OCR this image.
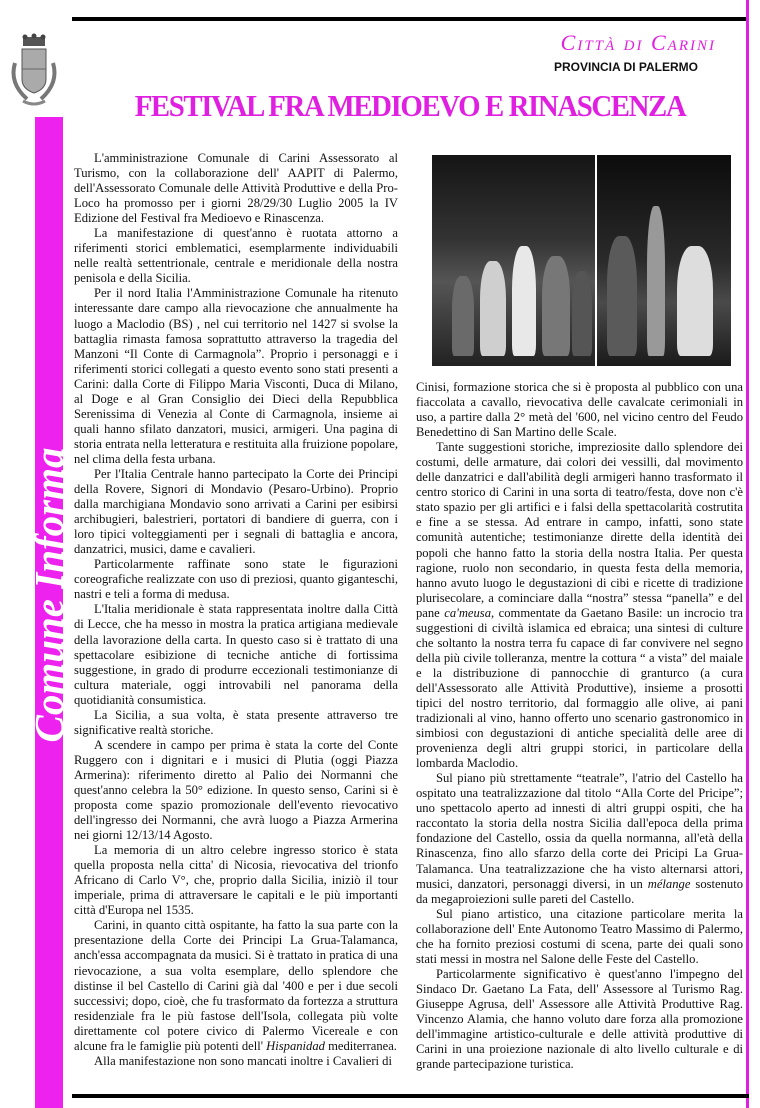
Comune Informa
Città di Carini
PROVINCIA DI PALERMO
FESTIVAL FRA MEDIOEVO E RINASCENZA

L'amministrazione Comunale di Carini Assessorato al Turismo, con la collaborazione dell' AAPIT di Palermo, dell'Assessorato Comunale delle Attività Produttive e della Pro-Loco ha promosso per i giorni 28/29/30 Luglio 2005 la IV Edizione del Festival fra Medioevo e Rinascenza.

La manifestazione di quest'anno è ruotata attorno a riferimenti storici emblematici, esemplarmente individuabili nelle realtà settentrionale, centrale e meridionale della nostra penisola e della Sicilia.

Per il nord Italia l'Amministrazione Comunale ha ritenuto interessante dare campo alla rievocazione che annualmente ha luogo a Maclodio (BS) , nel cui territorio nel 1427 si svolse la battaglia rimasta famosa soprattutto attraverso la tragedia del Manzoni “Il Conte di Carmagnola”. Proprio i personaggi e i riferimenti storici collegati a questo evento sono stati presenti a Carini: dalla Corte di Filippo Maria Visconti, Duca di Milano, al Doge e al Gran Consiglio dei Dieci della Repubblica Serenissima di Venezia al Conte di Carmagnola, insieme ai quali hanno sfilato danzatori, musici, armigeri. Una pagina di storia entrata nella letteratura e restituita alla fruizione popolare, nel clima della festa urbana.

Per l'Italia Centrale hanno partecipato la Corte dei Principi della Rovere, Signori di Mondavio (Pesaro-Urbino). Proprio dalla marchigiana Mondavio sono arrivati a Carini per esibirsi archibugieri, balestrieri, portatori di bandiere di guerra, con i loro tipici volteggiamenti per i segnali di battaglia e ancora, danzatrici, musici, dame e cavalieri.

Particolarmente raffinate sono state le figurazioni coreografiche realizzate con uso di preziosi, quanto giganteschi, nastri e teli a forma di medusa.

L'Italia meridionale è stata rappresentata inoltre dalla Città di Lecce, che ha messo in mostra la pratica artigiana medievale della lavorazione della carta. In questo caso si è trattato di una spettacolare esibizione di tecniche antiche di fortissima suggestione, in grado di produrre eccezionali testimonianze di cultura materiale, oggi introvabili nel panorama della quotidianità consumistica.

La Sicilia, a sua volta, è stata presente attraverso tre significative realtà storiche.

A scendere in campo per prima è stata la corte del Conte Ruggero con i dignitari e i musici di Plutia (oggi Piazza Armerina): riferimento diretto al Palio dei Normanni che quest'anno celebra la 50° edizione. In questo senso, Carini si è proposta come spazio promozionale dell'evento rievocativo dell'ingresso dei Normanni, che avrà luogo a Piazza Armerina nei giorni 12/13/14 Agosto.

La memoria di un altro celebre ingresso storico è stata quella proposta nella citta' di Nicosia, rievocativa del trionfo Africano di Carlo V°, che, proprio dalla Sicilia, iniziò il tour imperiale, prima di attraversare le capitali e le più importanti città d'Europa nel 1535.

Carini, in quanto città ospitante, ha fatto la sua parte con la presentazione della Corte dei Principi La Grua-Talamanca, anch'essa accompagnata da musici. Si è trattato in pratica di una rievocazione, a sua volta esemplare, dello splendore che distinse il bel Castello di Carini già dal '400 e per i due secoli successivi; dopo, cioè, che fu trasformato da fortezza a struttura residenziale fra le più fastose dell'Isola, collegata più volte direttamente col potere civico di Palermo Vicereale e con alcune fra le famiglie più potenti dell' Hispanidad mediterranea.

Alla manifestazione non sono mancati inoltre i Cavalieri di

Cinisi, formazione storica che si è proposta al pubblico con una fiaccolata a cavallo, rievocativa delle cavalcate cerimoniali in uso, a partire dalla 2° metà del '600, nel vicino centro del Feudo Benedettino di San Martino delle Scale.

Tante suggestioni storiche, impreziosite dallo splendore dei costumi, delle armature, dai colori dei vessilli, dal movimento delle danzatrici e dall'abilità degli armigeri hanno trasformato il centro storico di Carini in una sorta di teatro/festa, dove non c'è stato spazio per gli artifici e i falsi della spettacolarità costrutita e fine a se stessa. Ad entrare in campo, infatti, sono state comunità autentiche; testimonianze dirette della identità dei popoli che hanno fatto la storia della nostra Italia. Per questa ragione, ruolo non secondario, in questa festa della memoria, hanno avuto luogo le degustazioni di cibi e ricette di tradizione plurisecolare, a cominciare dalla “nostra” stessa “panella” e del pane ca'meusa, commentate da Gaetano Basile: un incrocio tra suggestioni di civiltà islamica ed ebraica; una sintesi di culture che soltanto la nostra terra fu capace di far convivere nel segno della più civile tolleranza, mentre la cottura “ a vista” del maiale e la distribuzione di pannocchie di granturco (a cura dell'Assessorato alle Attività Produttive), insieme a prosotti tipici del nostro territorio, dal formaggio alle olive, ai pani tradizionali al vino, hanno offerto uno scenario gastronomico in simbiosi con degustazioni di antiche specialità delle aree di provenienza degli altri gruppi storici, in particolare della lombarda Maclodio.

Sul piano più strettamente “teatrale”, l'atrio del Castello ha ospitato una teatralizzazione dal titolo “Alla Corte del Pricipe”; uno spettacolo aperto ad innesti di altri gruppi ospiti, che ha raccontato la storia della nostra Sicilia dall'epoca della prima fondazione del Castello, ossia da quella normanna, all'età della Rinascenza, fino allo sfarzo della corte dei Pricipi La Grua- Talamanca. Una teatralizzazione che ha visto alternarsi attori, musici, danzatori, personaggi diversi, in un mélange sostenuto da megaproiezioni sulle pareti del Castello.

Sul piano artistico, una citazione particolare merita la collaborazione dell' Ente Autonomo Teatro Massimo di Palermo, che ha fornito preziosi costumi di scena, parte dei quali sono stati messi in mostra nel Salone delle Feste del Castello.

Particolarmente significativo è quest'anno l'impegno del Sindaco Dr. Gaetano La Fata, dell' Assessore al Turismo Rag. Giuseppe Agrusa, dell' Assessore alle Attività Produttive Rag. Vincenzo Alamia, che hanno voluto dare forza alla promozione dell'immagine artistico-culturale e delle attività produttive di Carini in una proiezione nazionale di alto livello culturale e di grande partecipazione turistica.
